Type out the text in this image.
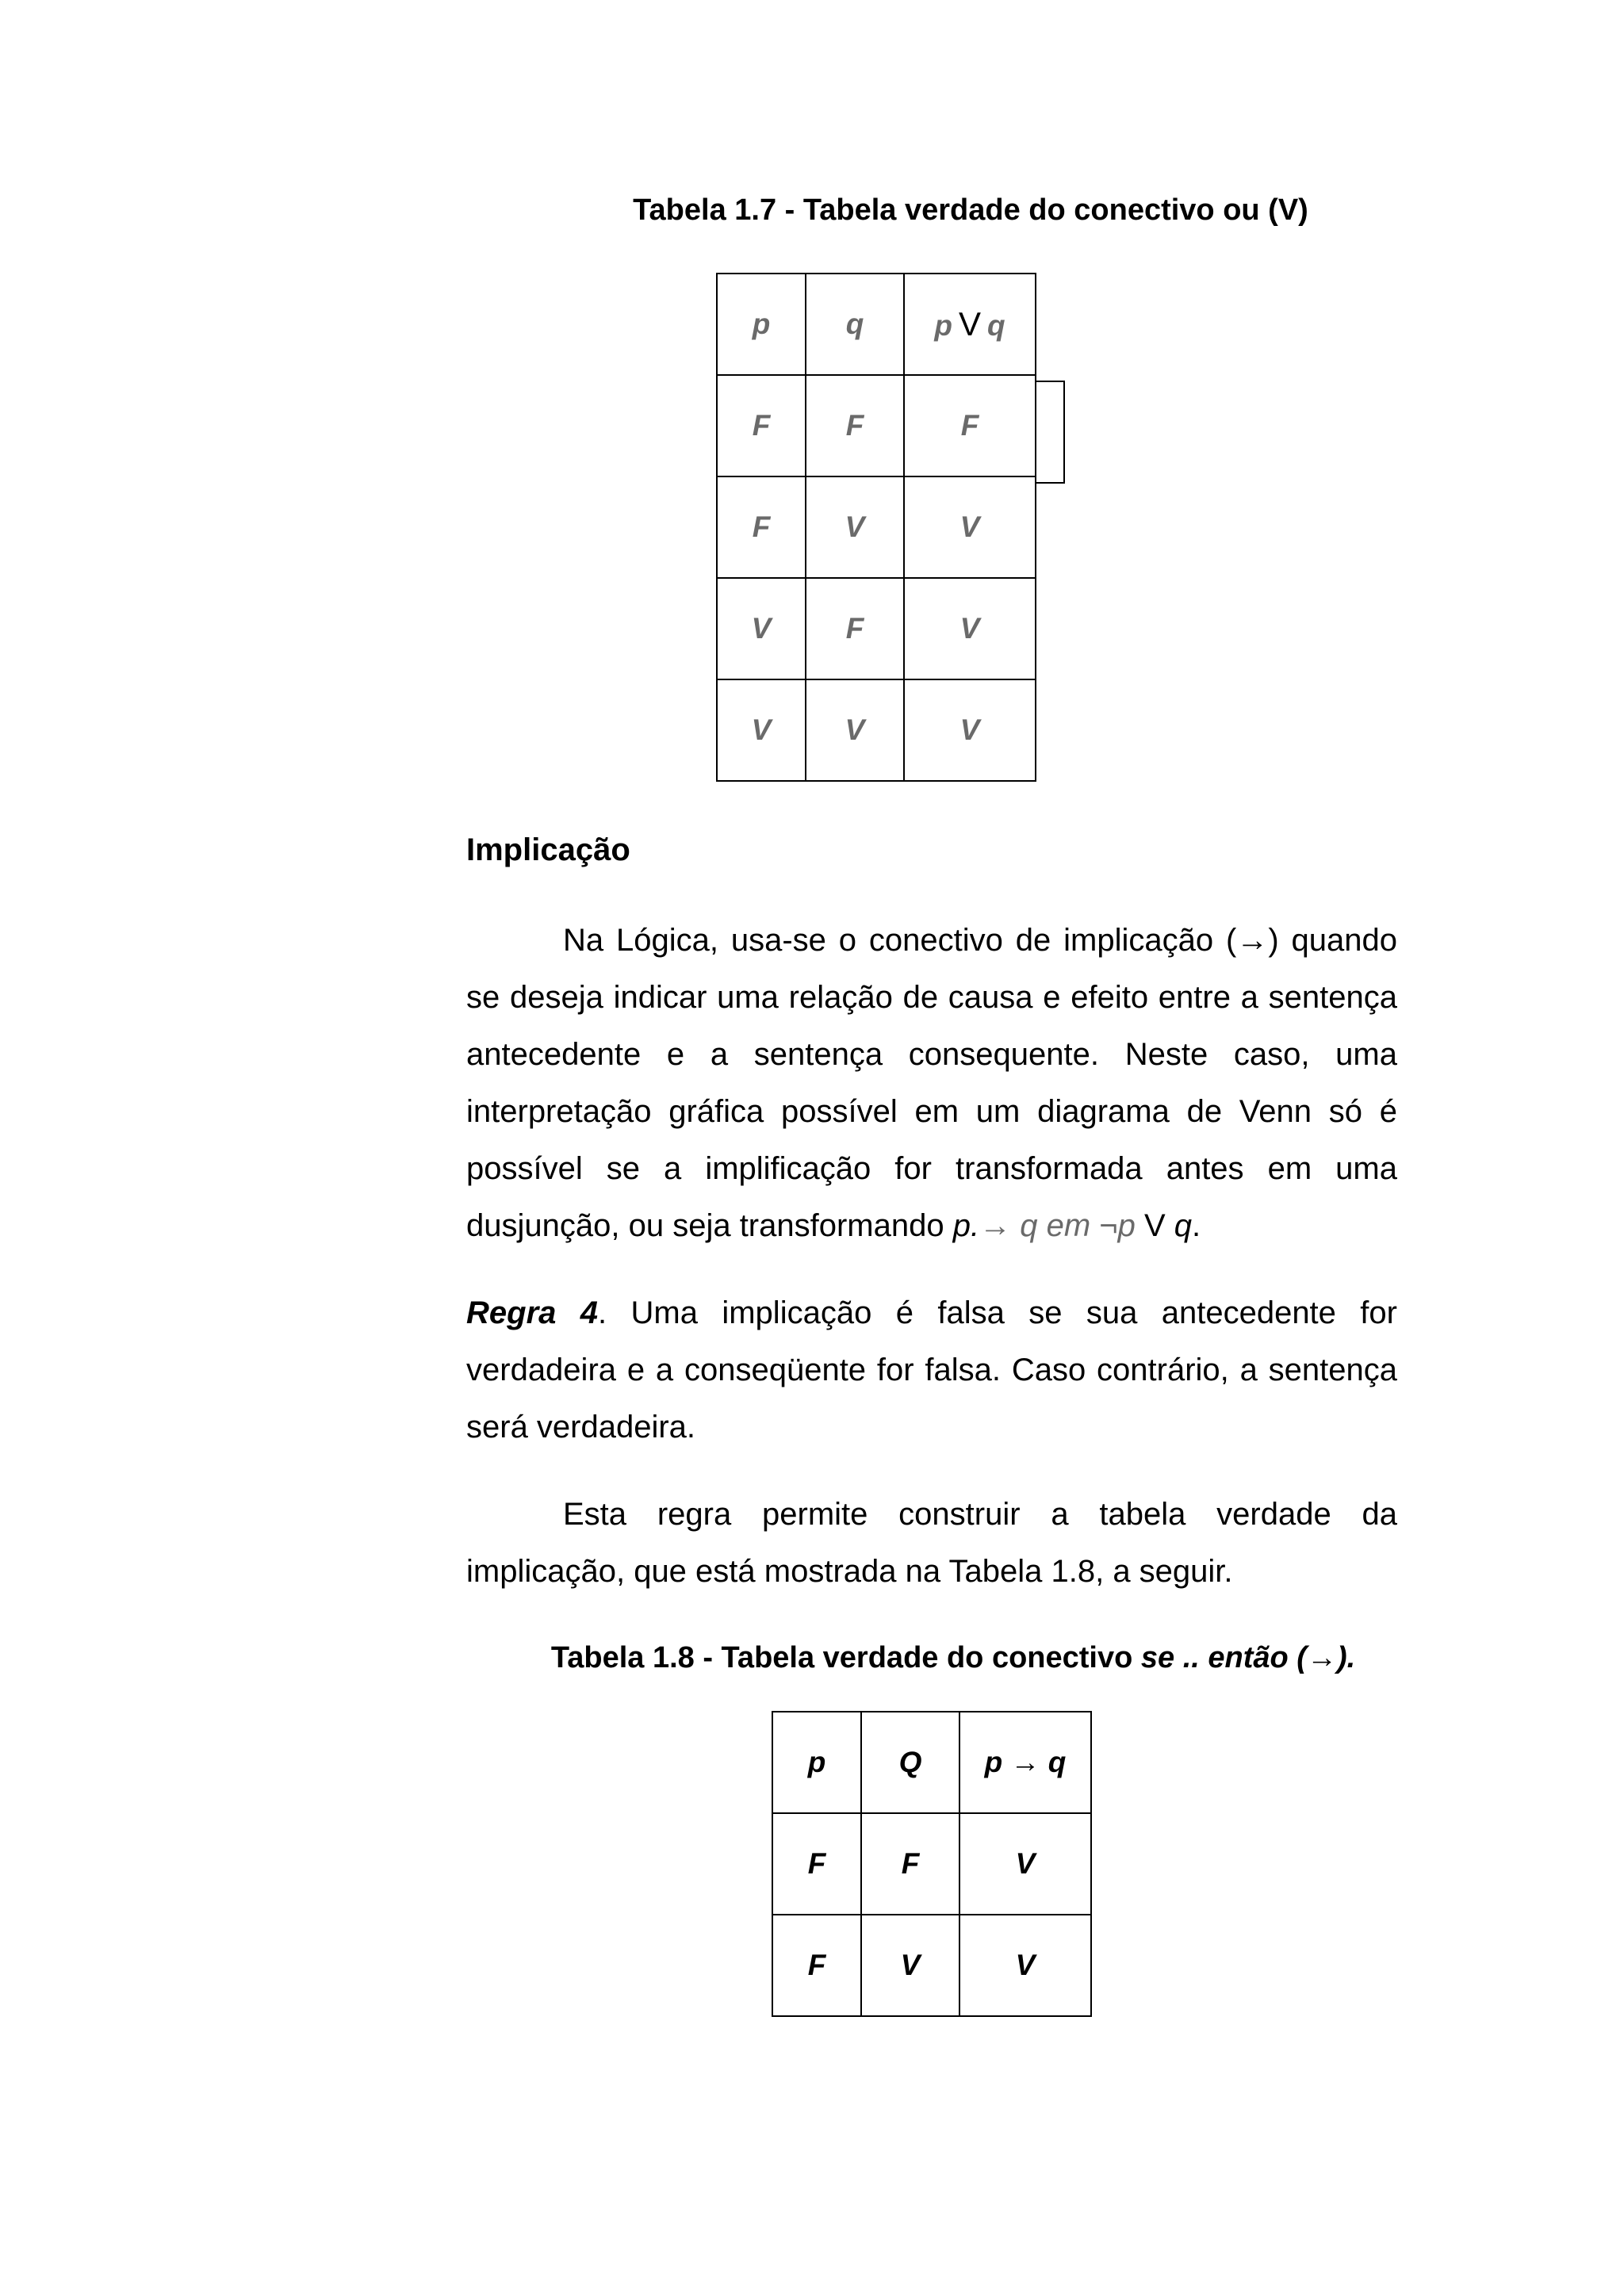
Tabela 1.7 - Tabela verdade do conectivo ou (V)
p	q	p V q
F	F	F
F	V	V
V	F	V
V	V	V
Implicação
Na Lógica, usa-se o conectivo de implicação (→) quando se deseja indicar uma relação de causa e efeito entre a sentença antecedente e a sentença consequente. Neste caso, uma interpretação gráfica possível em um diagrama de Venn só é possível se a implificação for transformada antes em uma dusjunção, ou seja transformando p.→ q em ¬p V q.
Regra 4. Uma implicação é falsa se sua antecedente for verdadeira e a conseqüente for falsa. Caso contrário, a sentença será verdadeira.
Esta regra permite construir a tabela verdade da implicação, que está mostrada na Tabela 1.8, a seguir.
Tabela 1.8 - Tabela verdade do conectivo se .. então (→).
p	Q	p → q
F	F	V
F	V	V
